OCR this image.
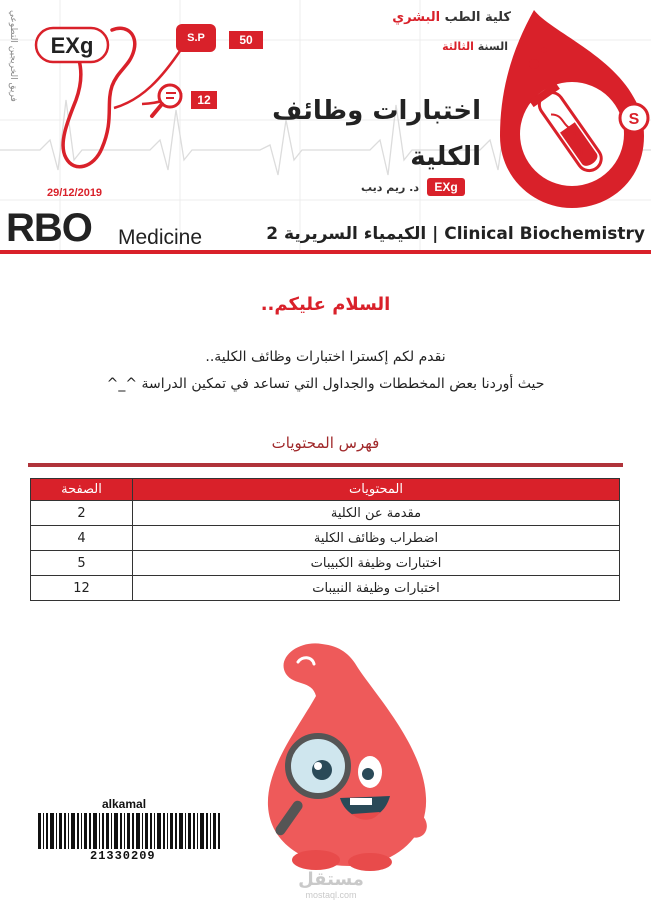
فريق الخريجين التطوعي EXg	S.P	50
12
29/12/2019
كلية الطب البشري
السنة الثالثة
اختبارات وظائف
الكلية
د. ريم ديب	EXg
S
RBO Medicine	الكيمياء السريرية 2 | Clinical Biochemistry
السلام عليكم..
نقدم لكم إكسترا اختبارات وظائف الكلية..
حيث أوردنا بعض المخططات والجداول التي تساعد في تمكين الدراسة ^_^
فهرس المحتويات
المحتويات	الصفحة
مقدمة عن الكلية	2
اضطراب وظائف الكلية	4
اختبارات وظيفة الكبيبات	5
اختبارات وظيفة النبيبات	12
alkamal
21330209
مستقل
mostaql.com
